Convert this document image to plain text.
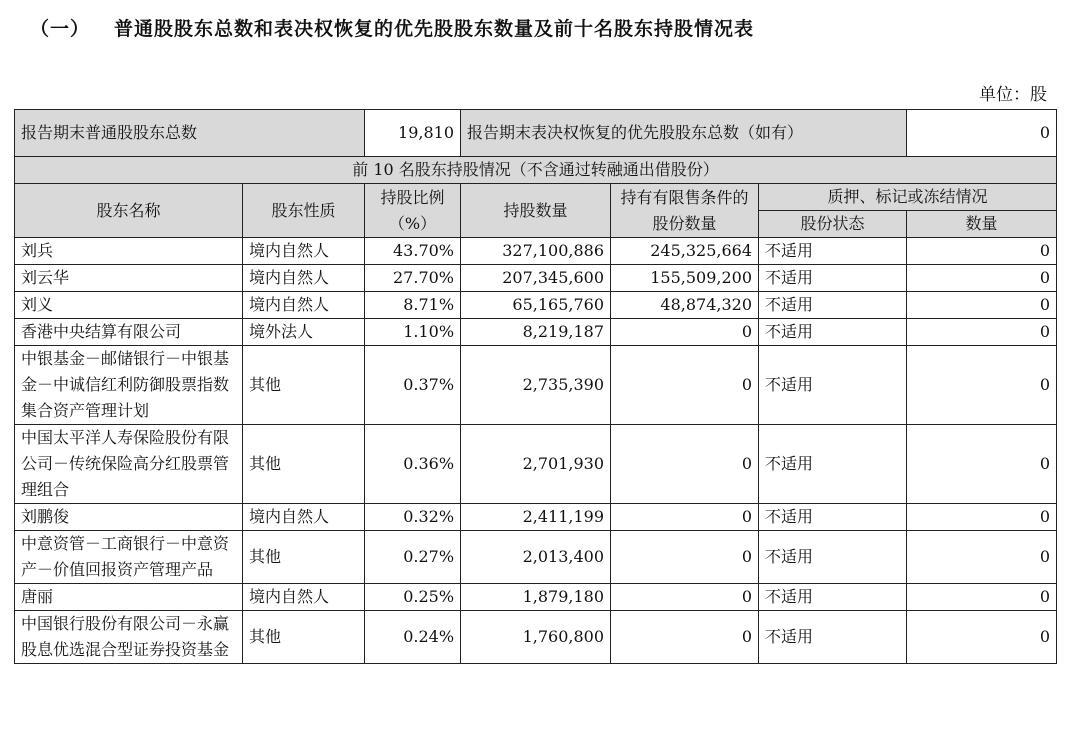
（一） 普通股股东总数和表决权恢复的优先股股东数量及前十名股东持股情况表
单位：股
报告期末普通股股东总数		19,810	报告期末表决权恢复的优先股股东总数（如有）			0
前 10 名股东持股情况（不含通过转融通出借股份）						
股东名称	股东性质	持股比例（%）	持股数量	持有有限售条件的股份数量	质押、标记或冻结情况	
					股份状态	数量
刘兵	境内自然人	43.70%	327,100,886	245,325,664	不适用	0
刘云华	境内自然人	27.70%	207,345,600	155,509,200	不适用	0
刘义	境内自然人	8.71%	65,165,760	48,874,320	不适用	0
香港中央结算有限公司	境外法人	1.10%	8,219,187	0	不适用	0
中银基金－邮储银行－中银基金－中诚信红利防御股票指数集合资产管理计划	其他	0.37%	2,735,390	0	不适用	0
中国太平洋人寿保险股份有限公司－传统保险高分红股票管理组合	其他	0.36%	2,701,930	0	不适用	0
刘鹏俊	境内自然人	0.32%	2,411,199	0	不适用	0
中意资管－工商银行－中意资产－价值回报资产管理产品	其他	0.27%	2,013,400	0	不适用	0
唐丽	境内自然人	0.25%	1,879,180	0	不适用	0
中国银行股份有限公司－永赢股息优选混合型证券投资基金	其他	0.24%	1,760,800	0	不适用	0
